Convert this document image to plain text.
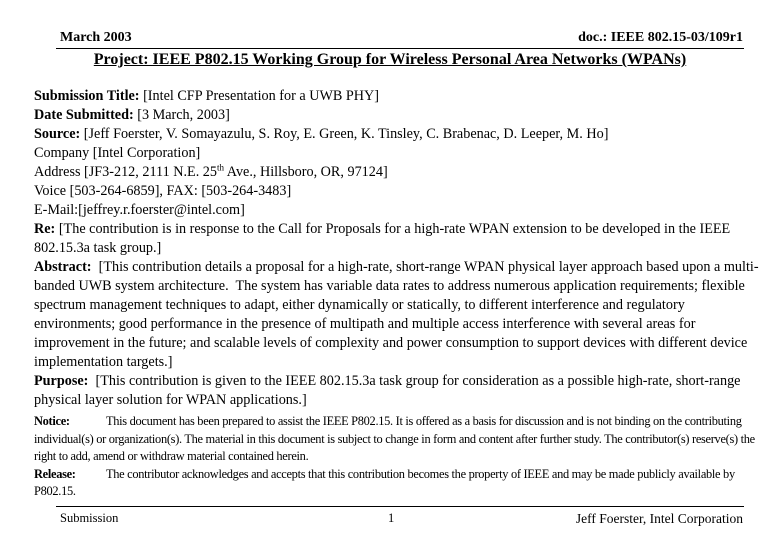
March 2003	doc.: IEEE 802.15-03/109r1
Project: IEEE P802.15 Working Group for Wireless Personal Area Networks (WPANs)

Submission Title: [Intel CFP Presentation for a UWB PHY]

Date Submitted: [3 March, 2003]

Source: [Jeff Foerster, V. Somayazulu, S. Roy, E. Green, K. Tinsley, C. Brabenac, D. Leeper, M. Ho]

Company [Intel Corporation]

Address [JF3-212, 2111 N.E. 25th Ave., Hillsboro, OR, 97124]

Voice [503-264-6859], FAX: [503-264-3483]

E-Mail:[jeffrey.r.foerster@intel.com]

Re: [The contribution is in response to the Call for Proposals for a high-rate WPAN extension to be developed in the IEEE 802.15.3a task group.]

Abstract:  [This contribution details a proposal for a high-rate, short-range WPAN physical layer approach based upon a multi-banded UWB system architecture.  The system has variable data rates to address numerous application requirements; flexible spectrum management techniques to adapt, either dynamically or statically, to different interference and regulatory environments; good performance in the presence of multipath and multiple access interference with several areas for improvement in the future; and scalable levels of complexity and power consumption to support devices with different device implementation targets.]

Purpose:  [This contribution is given to the IEEE 802.15.3a task group for consideration as a possible high-rate, short-range physical layer solution for WPAN applications.]

Notice:	This document has been prepared to assist the IEEE P802.15. It is offered as a basis for discussion and is not binding on the contributing individual(s) or organization(s). The material in this document is subject to change in form and content after further study. The contributor(s) reserve(s) the right to add, amend or withdraw material contained herein.

Release: The contributor acknowledges and accepts that this contribution becomes the property of IEEE and may be made publicly available by P802.15.

Submission	1	Jeff Foerster, Intel Corporation
